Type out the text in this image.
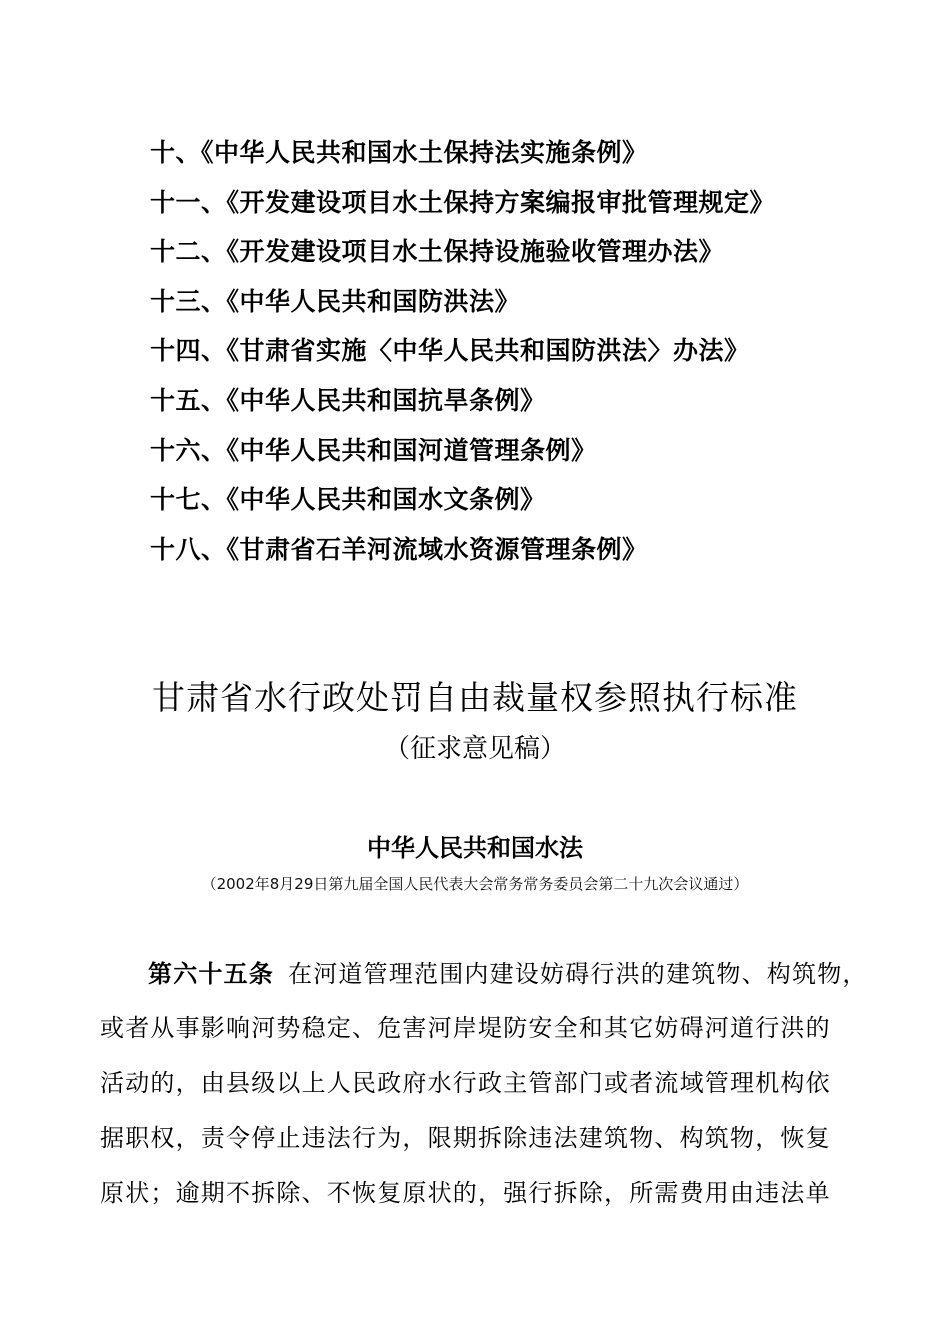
十、《中华人民共和国水土保持法实施条例》
十一、《开发建设项目水土保持方案编报审批管理规定》
十二、《开发建设项目水土保持设施验收管理办法》
十三、《中华人民共和国防洪法》
十四、《甘肃省实施〈中华人民共和国防洪法〉办法》
十五、《中华人民共和国抗旱条例》
十六、《中华人民共和国河道管理条例》
十七、《中华人民共和国水文条例》
十八、《甘肃省石羊河流域水资源管理条例》
甘肃省水行政处罚自由裁量权参照执行标准
（征求意见稿）
中华人民共和国水法
（2002年8月29日第九届全国人民代表大会常务常务委员会第二十九次会议通过）
第六十五条 在河道管理范围内建设妨碍行洪的建筑物、构筑物，
或者从事影响河势稳定、危害河岸堤防安全和其它妨碍河道行洪的
活动的，由县级以上人民政府水行政主管部门或者流域管理机构依
据职权，责令停止违法行为，限期拆除违法建筑物、构筑物，恢复
原状；逾期不拆除、不恢复原状的，强行拆除，所需费用由违法单
